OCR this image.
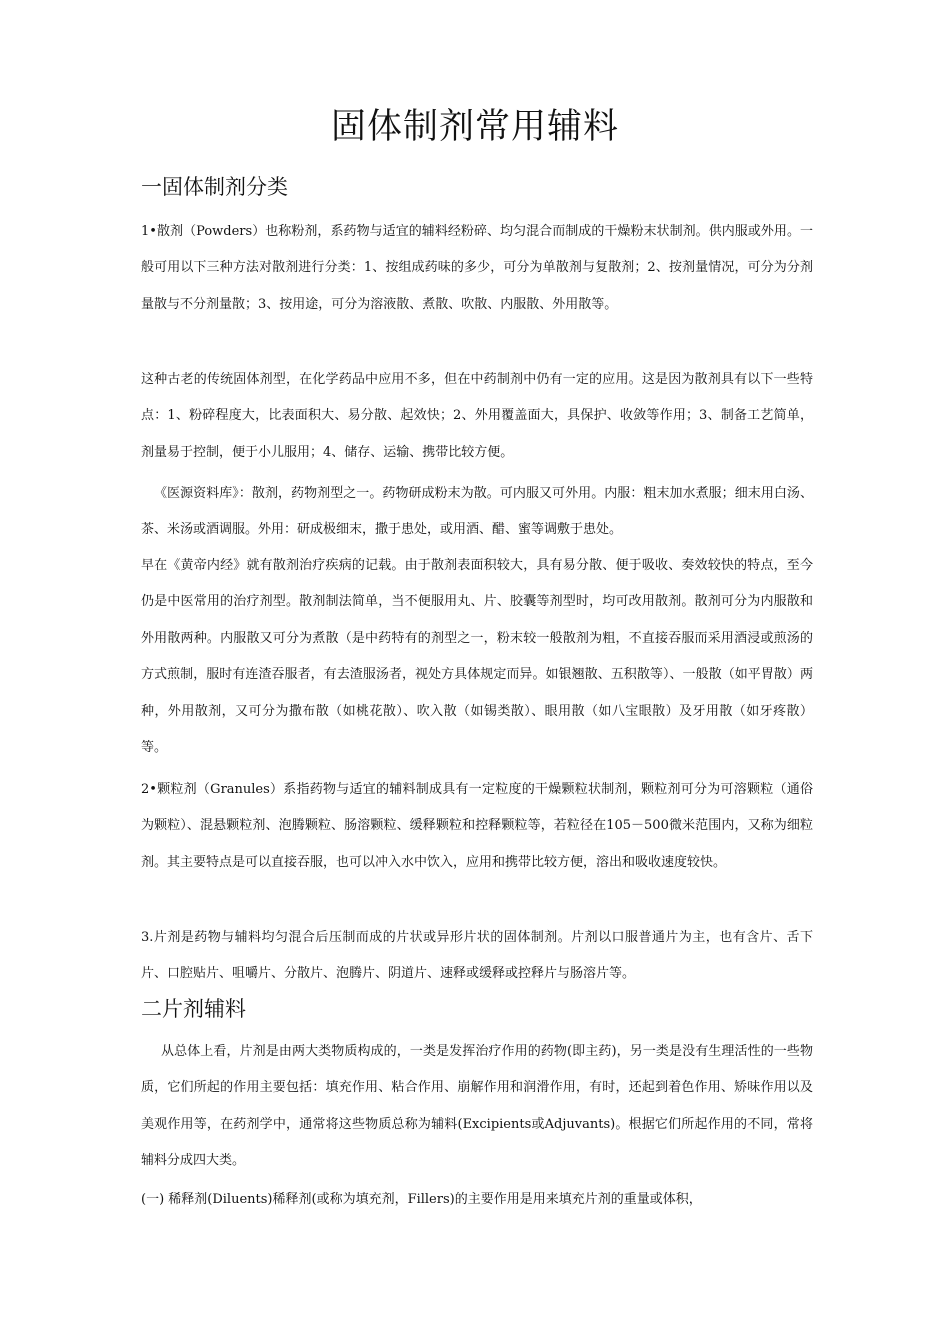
固体制剂常用辅料
一固体制剂分类

1•散剂（Powders）也称粉剂，系药物与适宜的辅料经粉碎、均匀混合而制成的干燥粉末状制剂。供内服或外用。一般可用以下三种方法对散剂进行分类：1、按组成药味的多少，可分为单散剂与复散剂；2、按剂量情况，可分为分剂量散与不分剂量散；3、按用途，可分为溶液散、煮散、吹散、内服散、外用散等。

这种古老的传统固体剂型，在化学药品中应用不多，但在中药制剂中仍有一定的应用。这是因为散剂具有以下一些特点：1、粉碎程度大，比表面积大、易分散、起效快；2、外用覆盖面大，具保护、收敛等作用；3、制备工艺简单，剂量易于控制，便于小儿服用；4、储存、运输、携带比较方便。

《医源资料库》：散剂，药物剂型之一。药物研成粉末为散。可内服又可外用。内服：粗末加水煮服；细末用白汤、茶、米汤或酒调服。外用：研成极细末，撒于患处，或用酒、醋、蜜等调敷于患处。

早在《黄帝内经》就有散剂治疗疾病的记载。由于散剂表面积较大，具有易分散、便于吸收、奏效较快的特点，至今仍是中医常用的治疗剂型。散剂制法简单，当不便服用丸、片、胶囊等剂型时，均可改用散剂。散剂可分为内服散和外用散两种。内服散又可分为煮散（是中药特有的剂型之一，粉末较一般散剂为粗，不直接吞服而采用酒浸或煎汤的方式煎制，服时有连渣吞服者，有去渣服汤者，视处方具体规定而异。如银翘散、五积散等）、一般散（如平胃散）两种，外用散剂，又可分为撒布散（如桃花散）、吹入散（如锡类散）、眼用散（如八宝眼散）及牙用散（如牙疼散）等。

2•颗粒剂（Granules）系指药物与适宜的辅料制成具有一定粒度的干燥颗粒状制剂，颗粒剂可分为可溶颗粒（通俗为颗粒）、混悬颗粒剂、泡腾颗粒、肠溶颗粒、缓释颗粒和控释颗粒等，若粒径在105－500微米范围内，又称为细粒剂。其主要特点是可以直接吞服，也可以冲入水中饮入，应用和携带比较方便，溶出和吸收速度较快。

3.片剂是药物与辅料均匀混合后压制而成的片状或异形片状的固体制剂。片剂以口服普通片为主，也有含片、舌下片、口腔贴片、咀嚼片、分散片、泡腾片、阴道片、速释或缓释或控释片与肠溶片等。

二片剂辅料

从总体上看，片剂是由两大类物质构成的，一类是发挥治疗作用的药物(即主药)，另一类是没有生理活性的一些物质，它们所起的作用主要包括：填充作用、粘合作用、崩解作用和润滑作用，有时，还起到着色作用、矫味作用以及美观作用等，在药剂学中，通常将这些物质总称为辅料(Excipients或Adjuvants)。根据它们所起作用的不同，常将辅料分成四大类。

(一) 稀释剂(Diluents)稀释剂(或称为填充剂，Fillers)的主要作用是用来填充片剂的重量或体积，
